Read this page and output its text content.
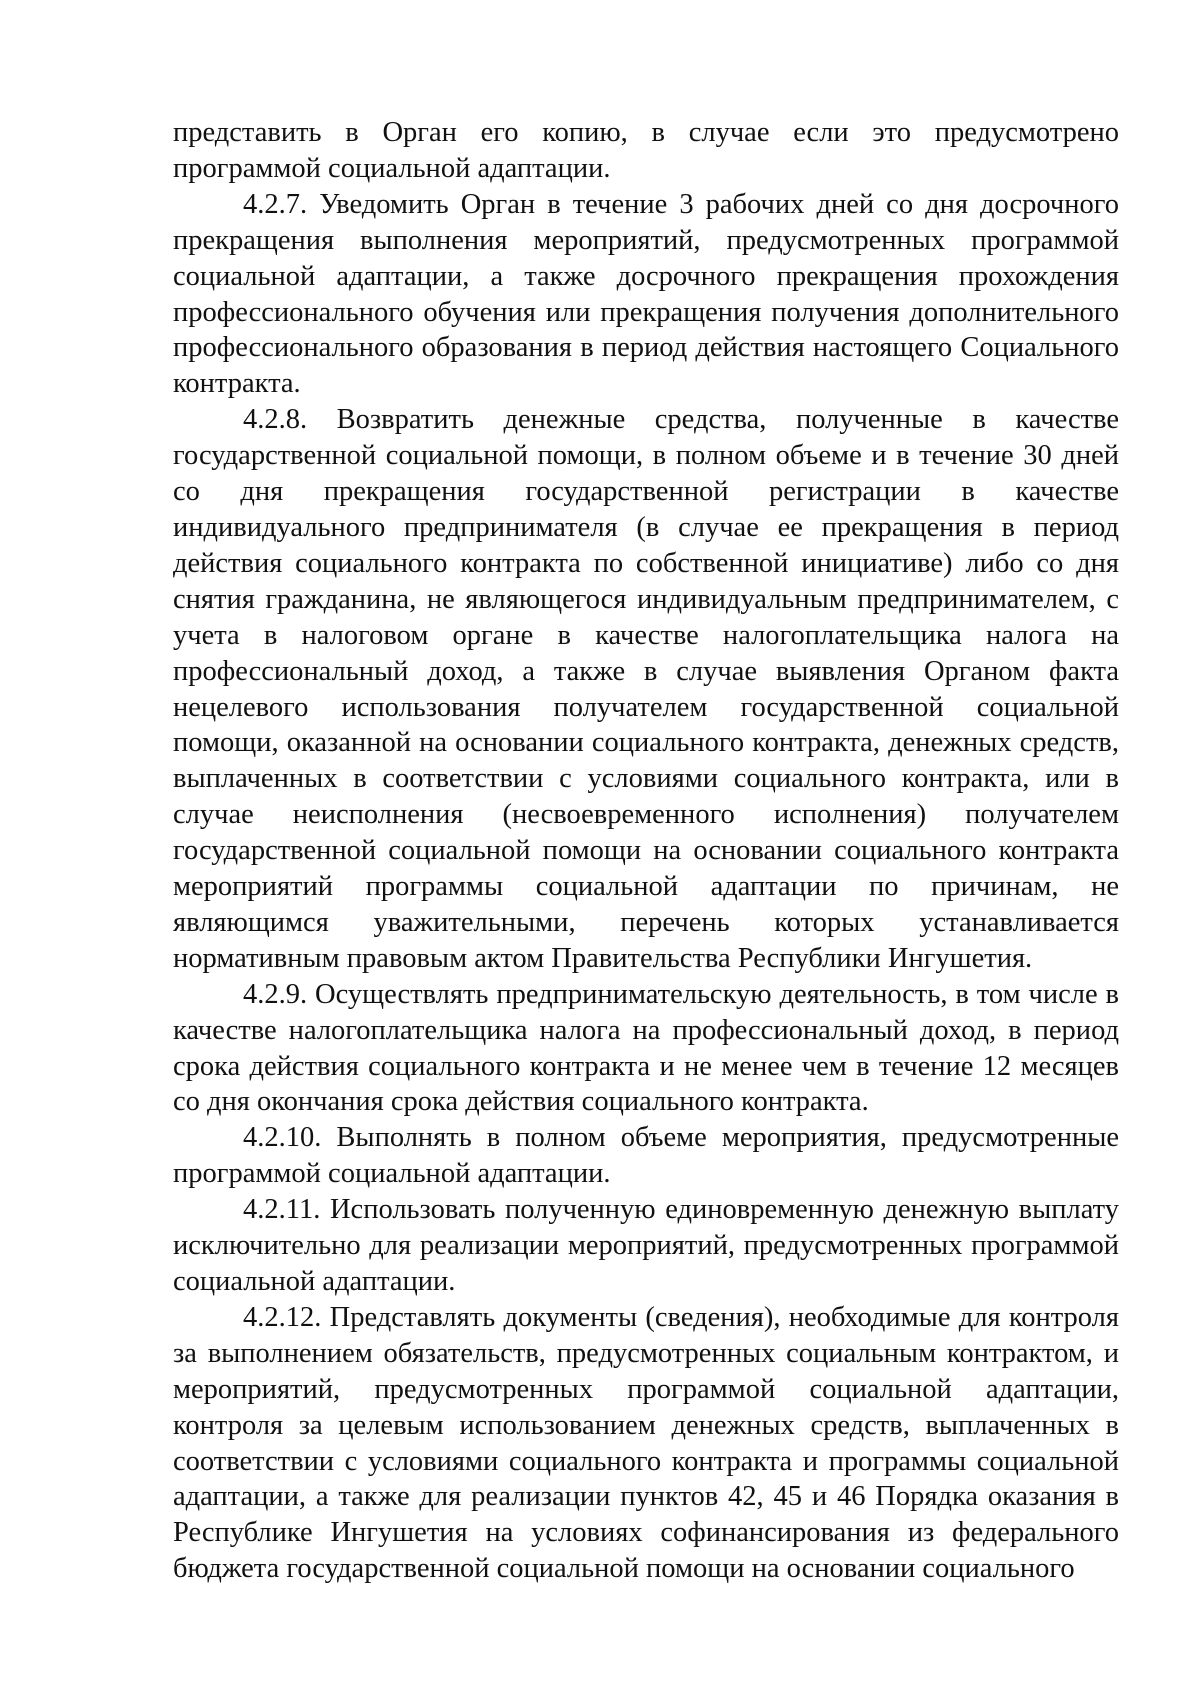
представить в Орган его копию, в случае если это предусмотрено программой социальной адаптации.

4.2.7. Уведомить Орган в течение 3 рабочих дней со дня досрочного прекращения выполнения мероприятий, предусмотренных программой социальной адаптации, а также досрочного прекращения прохождения профессионального обучения или прекращения получения дополнительного профессионального образования в период действия настоящего Социального контракта.

4.2.8. Возвратить денежные средства, полученные в качестве государственной социальной помощи, в полном объеме и в течение 30 дней со дня прекращения государственной регистрации в качестве индивидуального предпринимателя (в случае ее прекращения в период действия социального контракта по собственной инициативе) либо со дня снятия гражданина, не являющегося индивидуальным предпринимателем, с учета в налоговом органе в качестве налогоплательщика налога на профессиональный доход, а также в случае выявления Органом факта нецелевого использования получателем государственной социальной помощи, оказанной на основании социального контракта, денежных средств, выплаченных в соответствии с условиями социального контракта, или в случае неисполнения (несвоевременного исполнения) получателем государственной социальной помощи на основании социального контракта мероприятий программы социальной адаптации по причинам, не являющимся уважительными, перечень которых устанавливается нормативным правовым актом Правительства Республики Ингушетия.

4.2.9. Осуществлять предпринимательскую деятельность, в том числе в качестве налогоплательщика налога на профессиональный доход, в период срока действия социального контракта и не менее чем в течение 12 месяцев со дня окончания срока действия социального контракта.

4.2.10. Выполнять в полном объеме мероприятия, предусмотренные программой социальной адаптации.

4.2.11. Использовать полученную единовременную денежную выплату исключительно для реализации мероприятий, предусмотренных программой социальной адаптации.

4.2.12. Представлять документы (сведения), необходимые для контроля за выполнением обязательств, предусмотренных социальным контрактом, и мероприятий, предусмотренных программой социальной адаптации, контроля за целевым использованием денежных средств, выплаченных в соответствии с условиями социального контракта и программы социальной адаптации, а также для реализации пунктов 42, 45 и 46 Порядка оказания в Республике Ингушетия на условиях софинансирования из федерального бюджета государственной социальной помощи на основании социального
